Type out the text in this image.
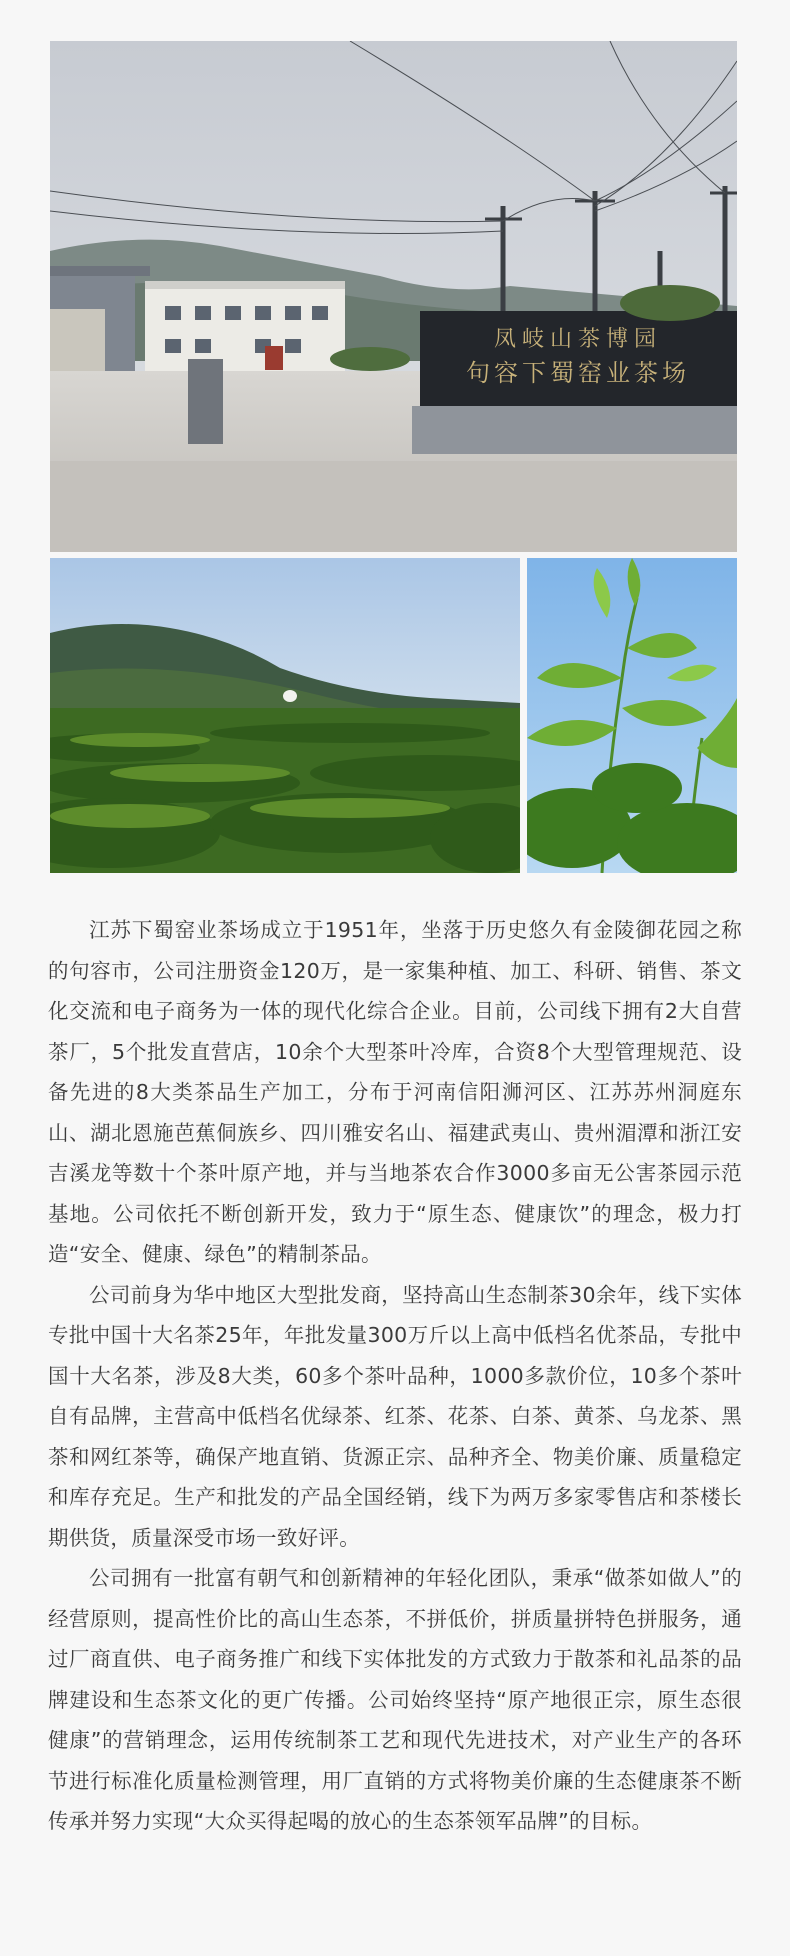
凤岐山茶博园
句容下蜀窑业茶场

江苏下蜀窑业茶场成立于1951年，坐落于历史悠久有金陵御花园之称的句容市，公司注册资金120万，是一家集种植、加工、科研、销售、茶文化交流和电子商务为一体的现代化综合企业。目前，公司线下拥有2大自营茶厂，5个批发直营店，10余个大型茶叶冷库，合资8个大型管理规范、设备先进的8大类茶品生产加工，分布于河南信阳浉河区、江苏苏州洞庭东山、湖北恩施芭蕉侗族乡、四川雅安名山、福建武夷山、贵州湄潭和浙江安吉溪龙等数十个茶叶原产地，并与当地茶农合作3000多亩无公害茶园示范基地。公司依托不断创新开发，致力于“原生态、健康饮”的理念，极力打造“安全、健康、绿色”的精制茶品。

公司前身为华中地区大型批发商，坚持高山生态制茶30余年，线下实体专批中国十大名茶25年，年批发量300万斤以上高中低档名优茶品，专批中国十大名茶，涉及8大类，60多个茶叶品种，1000多款价位，10多个茶叶自有品牌，主营高中低档名优绿茶、红茶、花茶、白茶、黄茶、乌龙茶、黑茶和网红茶等，确保产地直销、货源正宗、品种齐全、物美价廉、质量稳定和库存充足。生产和批发的产品全国经销，线下为两万多家零售店和茶楼长期供货，质量深受市场一致好评。

公司拥有一批富有朝气和创新精神的年轻化团队，秉承“做茶如做人”的经营原则，提高性价比的高山生态茶，不拼低价，拼质量拼特色拼服务，通过厂商直供、电子商务推广和线下实体批发的方式致力于散茶和礼品茶的品牌建设和生态茶文化的更广传播。公司始终坚持“原产地很正宗，原生态很健康”的营销理念，运用传统制茶工艺和现代先进技术，对产业生产的各环节进行标准化质量检测管理，用厂直销的方式将物美价廉的生态健康茶不断传承并努力实现“大众买得起喝的放心的生态茶领军品牌”的目标。
